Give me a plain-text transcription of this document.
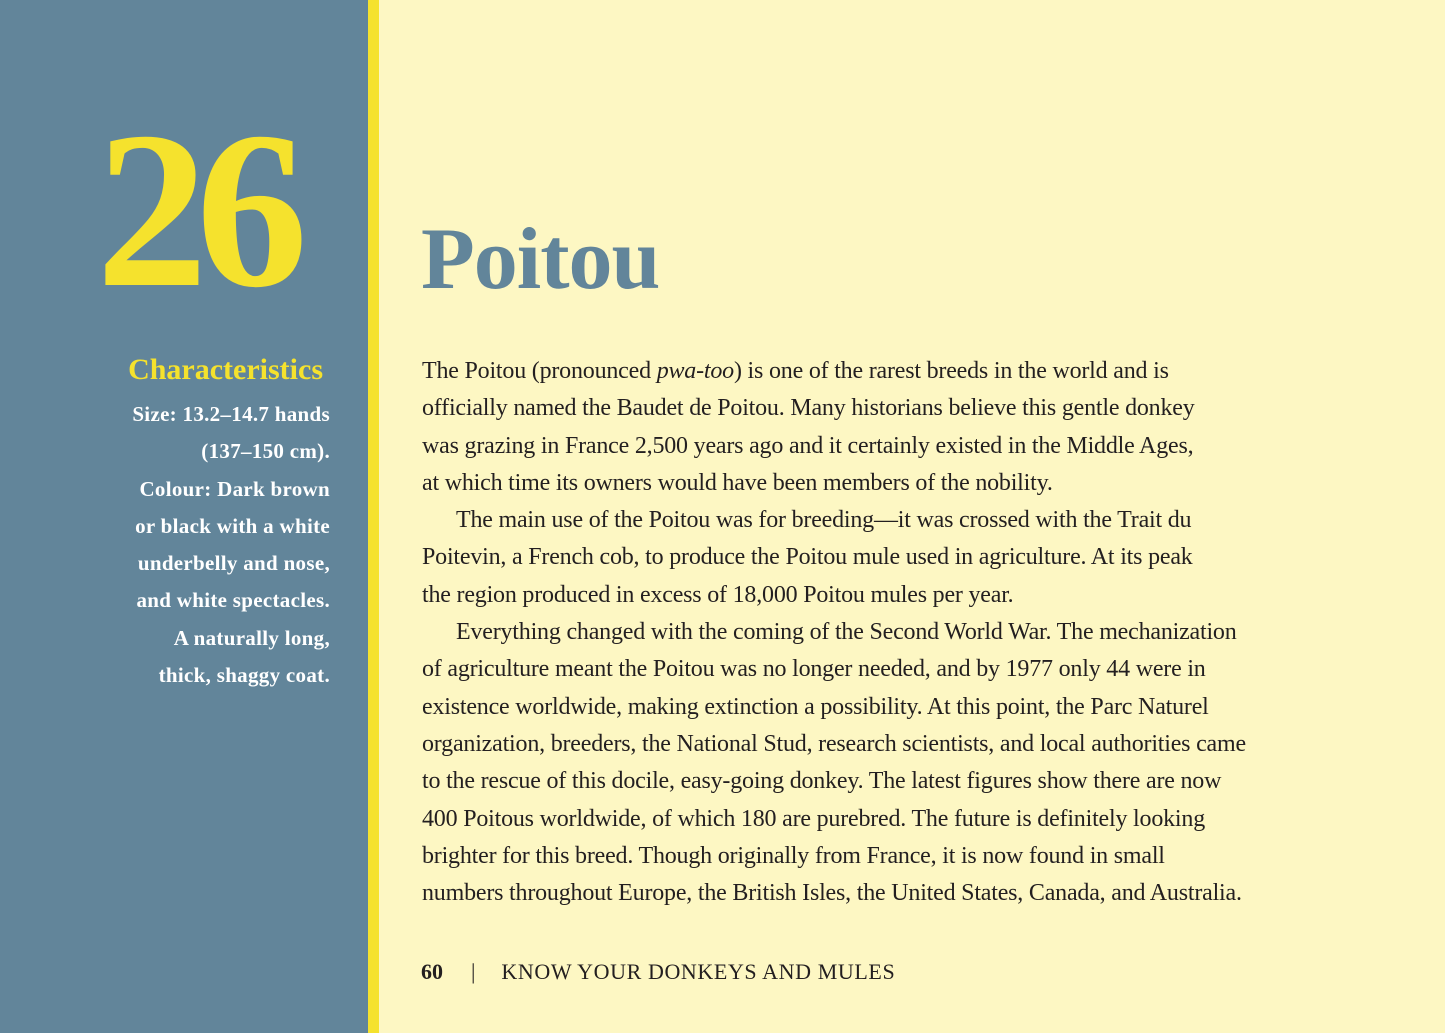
26
Characteristics
Size: 13.2–14.7 hands
(137–150 cm).
Colour: Dark brown
or black with a white
underbelly and nose,
and white spectacles.
A naturally long,
thick, shaggy coat.
Poitou
The Poitou (pronounced pwa-too) is one of the rarest breeds in the world and is
officially named the Baudet de Poitou. Many historians believe this gentle donkey
was grazing in France 2,500 years ago and it certainly existed in the Middle Ages,
at which time its owners would have been members of the nobility.
The main use of the Poitou was for breeding—it was crossed with the Trait du
Poitevin, a French cob, to produce the Poitou mule used in agriculture. At its peak
the region produced in excess of 18,000 Poitou mules per year.
Everything changed with the coming of the Second World War. The mechanization
of agriculture meant the Poitou was no longer needed, and by 1977 only 44 were in
existence worldwide, making extinction a possibility. At this point, the Parc Naturel
organization, breeders, the National Stud, research scientists, and local authorities came
to the rescue of this docile, easy-going donkey. The latest figures show there are now
400 Poitous worldwide, of which 180 are purebred. The future is definitely looking
brighter for this breed. Though originally from France, it is now found in small
numbers throughout Europe, the British Isles, the United States, Canada, and Australia.
60 | KNOW YOUR DONKEYS AND MULES
